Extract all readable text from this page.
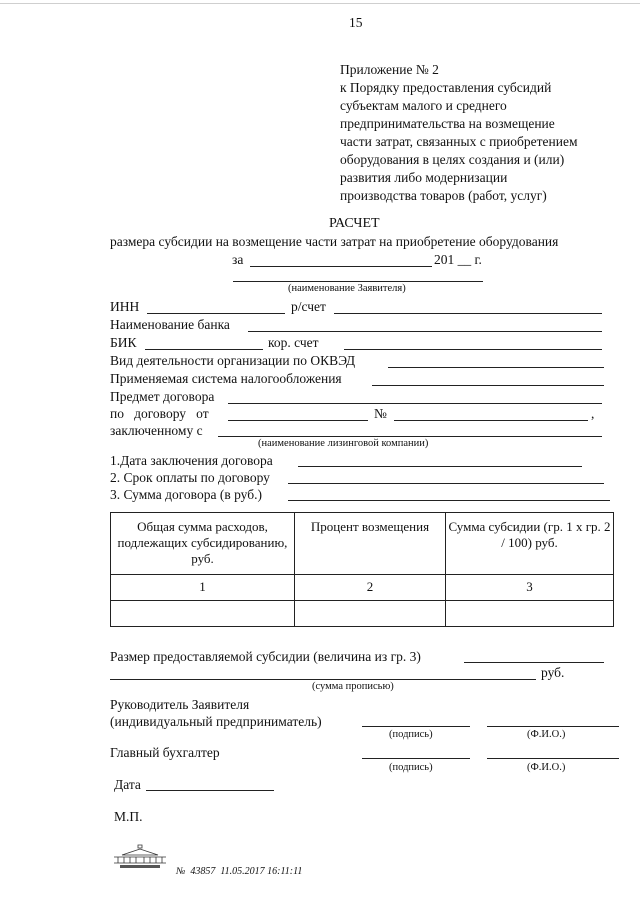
15
Приложение № 2
к Порядку предоставления субсидий
субъектам малого и среднего
предпринимательства на возмещение
части затрат, связанных с приобретением
оборудования в целях создания и (или)
развития либо модернизации
производства товаров (работ, услуг)
РАСЧЕТ
размера субсидии на возмещение части затрат на приобретение оборудования
за	201 __ г.
(наименование Заявителя)
ИНН	р/счет
Наименование банка
БИК	кор. счет
Вид деятельности организации по ОКВЭД
Применяемая система налогообложения
Предмет договора
по   договору   от	№	,
заключенному с
(наименование лизинговой компании)
1.Дата заключения договора
2. Срок оплаты по договору
3. Сумма договора (в руб.)
Общая сумма расходов, подлежащих субсидированию, руб.	Процент возмещения	Сумма субсидии (гр. 1 х гр. 2 / 100) руб.
1	2	3

Размер предоставляемой субсидии (величина из гр. 3)
руб.
(сумма прописью)
Руководитель Заявителя
(индивидуальный предприниматель)
(подпись)	(Ф.И.О.)
Главный бухгалтер
(подпись)	(Ф.И.О.)
Дата
М.П.
№  43857  11.05.2017 16:11:11
